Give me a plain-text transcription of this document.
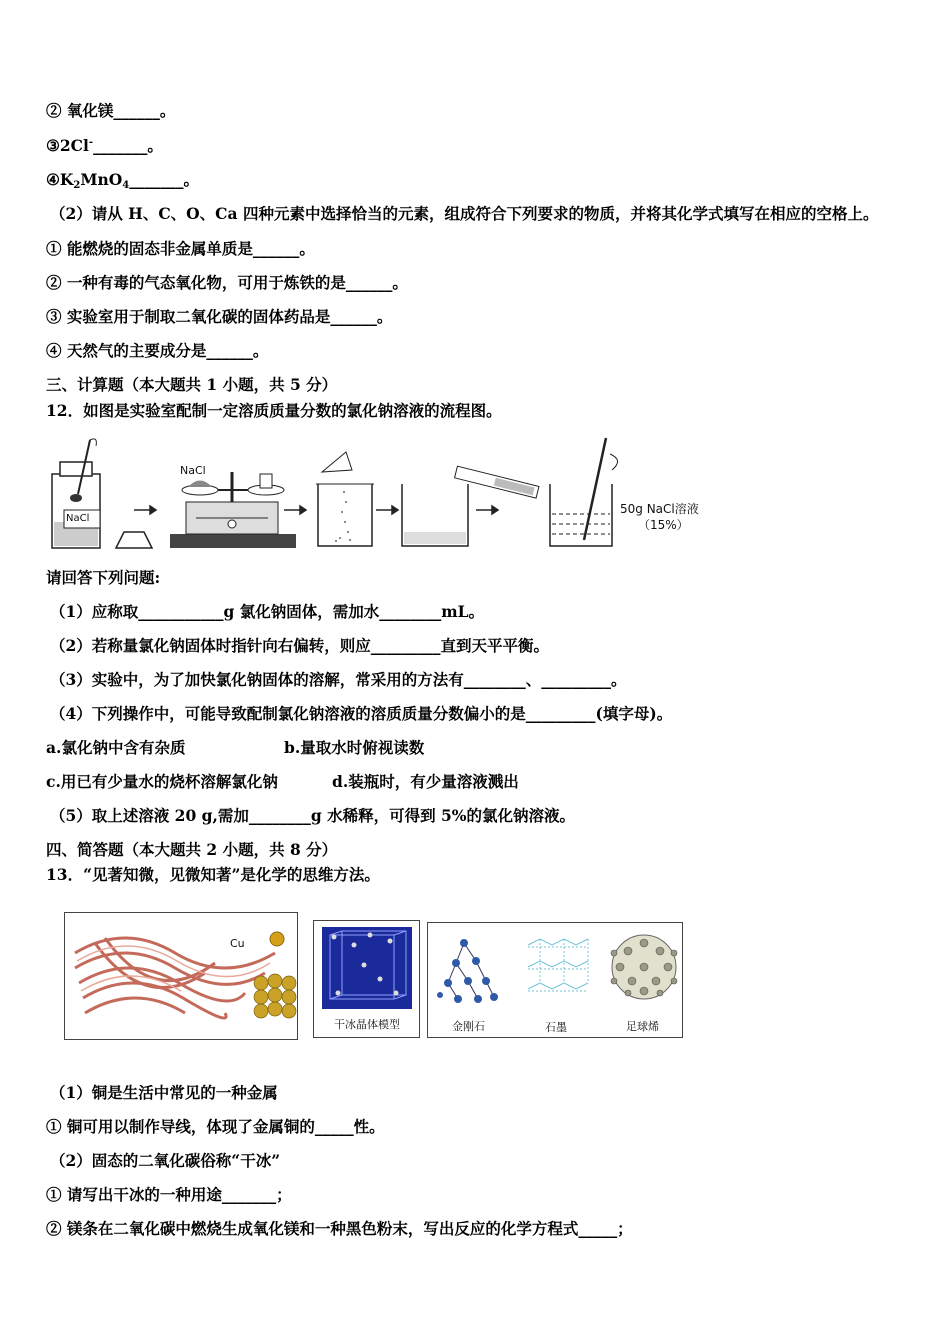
② 氧化镁______。
③2Cl-_______。
$④K_2MnO_4\_\_\_\_\_\_\_$。
（2）请从 H、C、O、Ca 四种元素中选择恰当的元素，组成符合下列要求的物质，并将其化学式填写在相应的空格上。
① 能燃烧的固态非金属单质是______。
② 一种有毒的气态氧化物，可用于炼铁的是______。
③ 实验室用于制取二氧化碳的固体药品是______。
④ 天然气的主要成分是______。
三、计算题（本大题共 1 小题，共 5 分）
12．如图是实验室配制一定溶质质量分数的氯化钠溶液的流程图。
NaCl
NaCl
50g NaCl溶液
（15%）
请回答下列问题:
（1）应称取___________g 氯化钠固体，需加水________mL。
（2）若称量氯化钠固体时指针向右偏转，则应_________直到天平平衡。
（3）实验中，为了加快氯化钠固体的溶解，常采用的方法有________、_________。
（4）下列操作中，可能导致配制氯化钠溶液的溶质质量分数偏小的是_________(填字母)。
a.氯化钠中含有杂质	b.量取水时俯视读数
c.用已有少量水的烧杯溶解氯化钠	d.装瓶时，有少量溶液溅出
（5）取上述溶液 20 g,需加________g 水稀释，可得到 5%的氯化钠溶液。
四、简答题（本大题共 2 小题，共 8 分）
13．“见著知微，见微知著”是化学的思维方法。
Cu
干冰晶体模型	金刚石	石墨	足球烯
（1）铜是生活中常见的一种金属
① 铜可用以制作导线，体现了金属铜的_____性。
（2）固态的二氧化碳俗称“干冰”
① 请写出干冰的一种用途_______；
② 镁条在二氧化碳中燃烧生成氧化镁和一种黑色粉末，写出反应的化学方程式_____；
